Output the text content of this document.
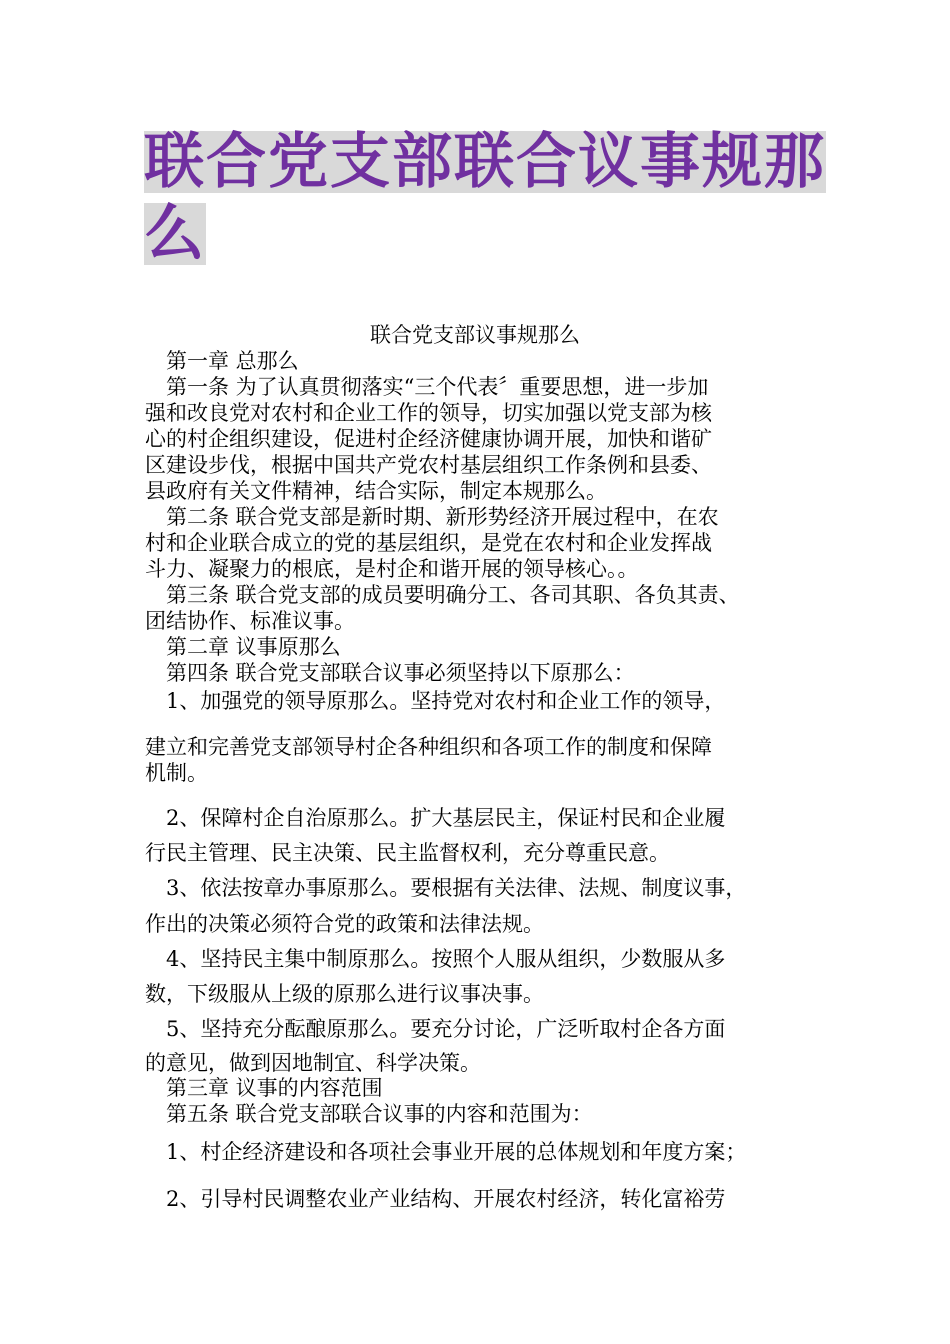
联合党支部联合议事规那
么
联合党支部议事规那么
　第一章 总那么
　第一条 为了认真贯彻落实“三个代表〞重要思想，进一步加
强和改良党对农村和企业工作的领导，切实加强以党支部为核
心的村企组织建设，促进村企经济健康协调开展，加快和谐矿
区建设步伐，根据中国共产党农村基层组织工作条例和县委、
县政府有关文件精神，结合实际，制定本规那么。
　第二条 联合党支部是新时期、新形势经济开展过程中，在农
村和企业联合成立的党的基层组织，是党在农村和企业发挥战
斗力、凝聚力的根底，是村企和谐开展的领导核心。。
　第三条 联合党支部的成员要明确分工、各司其职、各负其责、
团结协作、标准议事。
　第二章 议事原那么
　第四条 联合党支部联合议事必须坚持以下原那么：
　1、加强党的领导原那么。坚持党对农村和企业工作的领导，
建立和完善党支部领导村企各种组织和各项工作的制度和保障
机制。
　2、保障村企自治原那么。扩大基层民主，保证村民和企业履
行民主管理、民主决策、民主监督权利，充分尊重民意。
　3、依法按章办事原那么。要根据有关法律、法规、制度议事，
作出的决策必须符合党的政策和法律法规。
　4、坚持民主集中制原那么。按照个人服从组织，少数服从多
数，下级服从上级的原那么进行议事决事。
　5、坚持充分酝酿原那么。要充分讨论，广泛听取村企各方面
的意见，做到因地制宜、科学决策。
　第三章 议事的内容范围
　第五条 联合党支部联合议事的内容和范围为：
　1、村企经济建设和各项社会事业开展的总体规划和年度方案；
　2、引导村民调整农业产业结构、开展农村经济，转化富裕劳
